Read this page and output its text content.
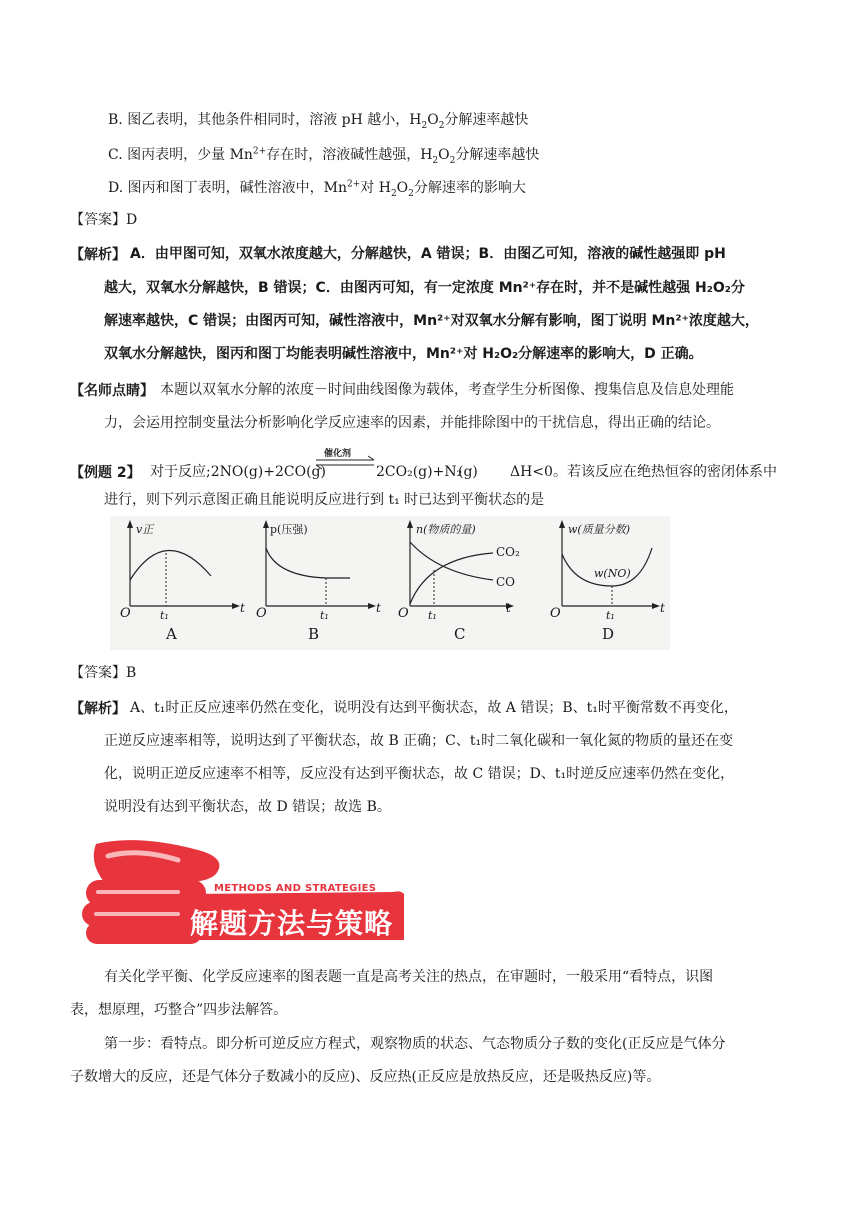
B. 图乙表明，其他条件相同时，溶液 pH 越小，$H_2O_2$分解速率越快
C. 图丙表明，少量 $Mn^{2+}$存在时，溶液碱性越强，$H_2O_2$分解速率越快
D. 图丙和图丁表明，碱性溶液中，$Mn^{2+}$对 $H_2O_2$分解速率的影响大
【答案】D
【解析】 A．由甲图可知，双氧水浓度越大，分解越快，A 错误；B．由图乙可知，溶液的碱性越强即 pH
越大，双氧水分解越快，B 错误；C．由图丙可知，有一定浓度 Mn²⁺存在时，并不是碱性越强 H₂O₂分
解速率越快，C 错误；由图丙可知，碱性溶液中，Mn²⁺对双氧水分解有影响，图丁说明 Mn²⁺浓度越大，
双氧水分解越快，图丙和图丁均能表明碱性溶液中，Mn²⁺对 H₂O₂分解速率的影响大，D 正确。
【名师点睛】 本题以双氧水分解的浓度－时间曲线图像为载体，考查学生分析图像、搜集信息及信息处理能
力，会运用控制变量法分析影响化学反应速率的因素，并能排除图中的干扰信息，得出正确的结论。
【例题 2】 对于反应;2NO(g)+2CO(g)
催化剂
2CO₂(g)+N₂
(g) ΔH<0。若该反应在绝热恒容的密闭体系中
进行，则下列示意图正确且能说明反应进行到 t₁ 时已达到平衡状态的是
v正
O	t₁
t
A
p(压强)
O	t₁
t
B
n(物质的量)
O t₁
t
CO₂
CO
C
w(质量分数)
O	t₁
t
w(NO)
D
【答案】B
【解析】 A、t₁时正反应速率仍然在变化，说明没有达到平衡状态，故 A 错误；B、t₁时平衡常数不再变化，
正逆反应速率相等，说明达到了平衡状态，故 B 正确；C、t₁时二氧化碳和一氧化氮的物质的量还在变
化，说明正逆反应速率不相等，反应没有达到平衡状态，故 C 错误；D、t₁时逆反应速率仍然在变化，
说明没有达到平衡状态，故 D 错误；故选 B。
METHODS AND STRATEGIES
解题方法与策略
有关化学平衡、化学反应速率的图表题一直是高考关注的热点，在审题时，一般采用“看特点，识图
表，想原理，巧整合”四步法解答。
第一步：看特点。即分析可逆反应方程式，观察物质的状态、气态物质分子数的变化(正反应是气体分
子数增大的反应，还是气体分子数减小的反应)、反应热(正反应是放热反应，还是吸热反应)等。
